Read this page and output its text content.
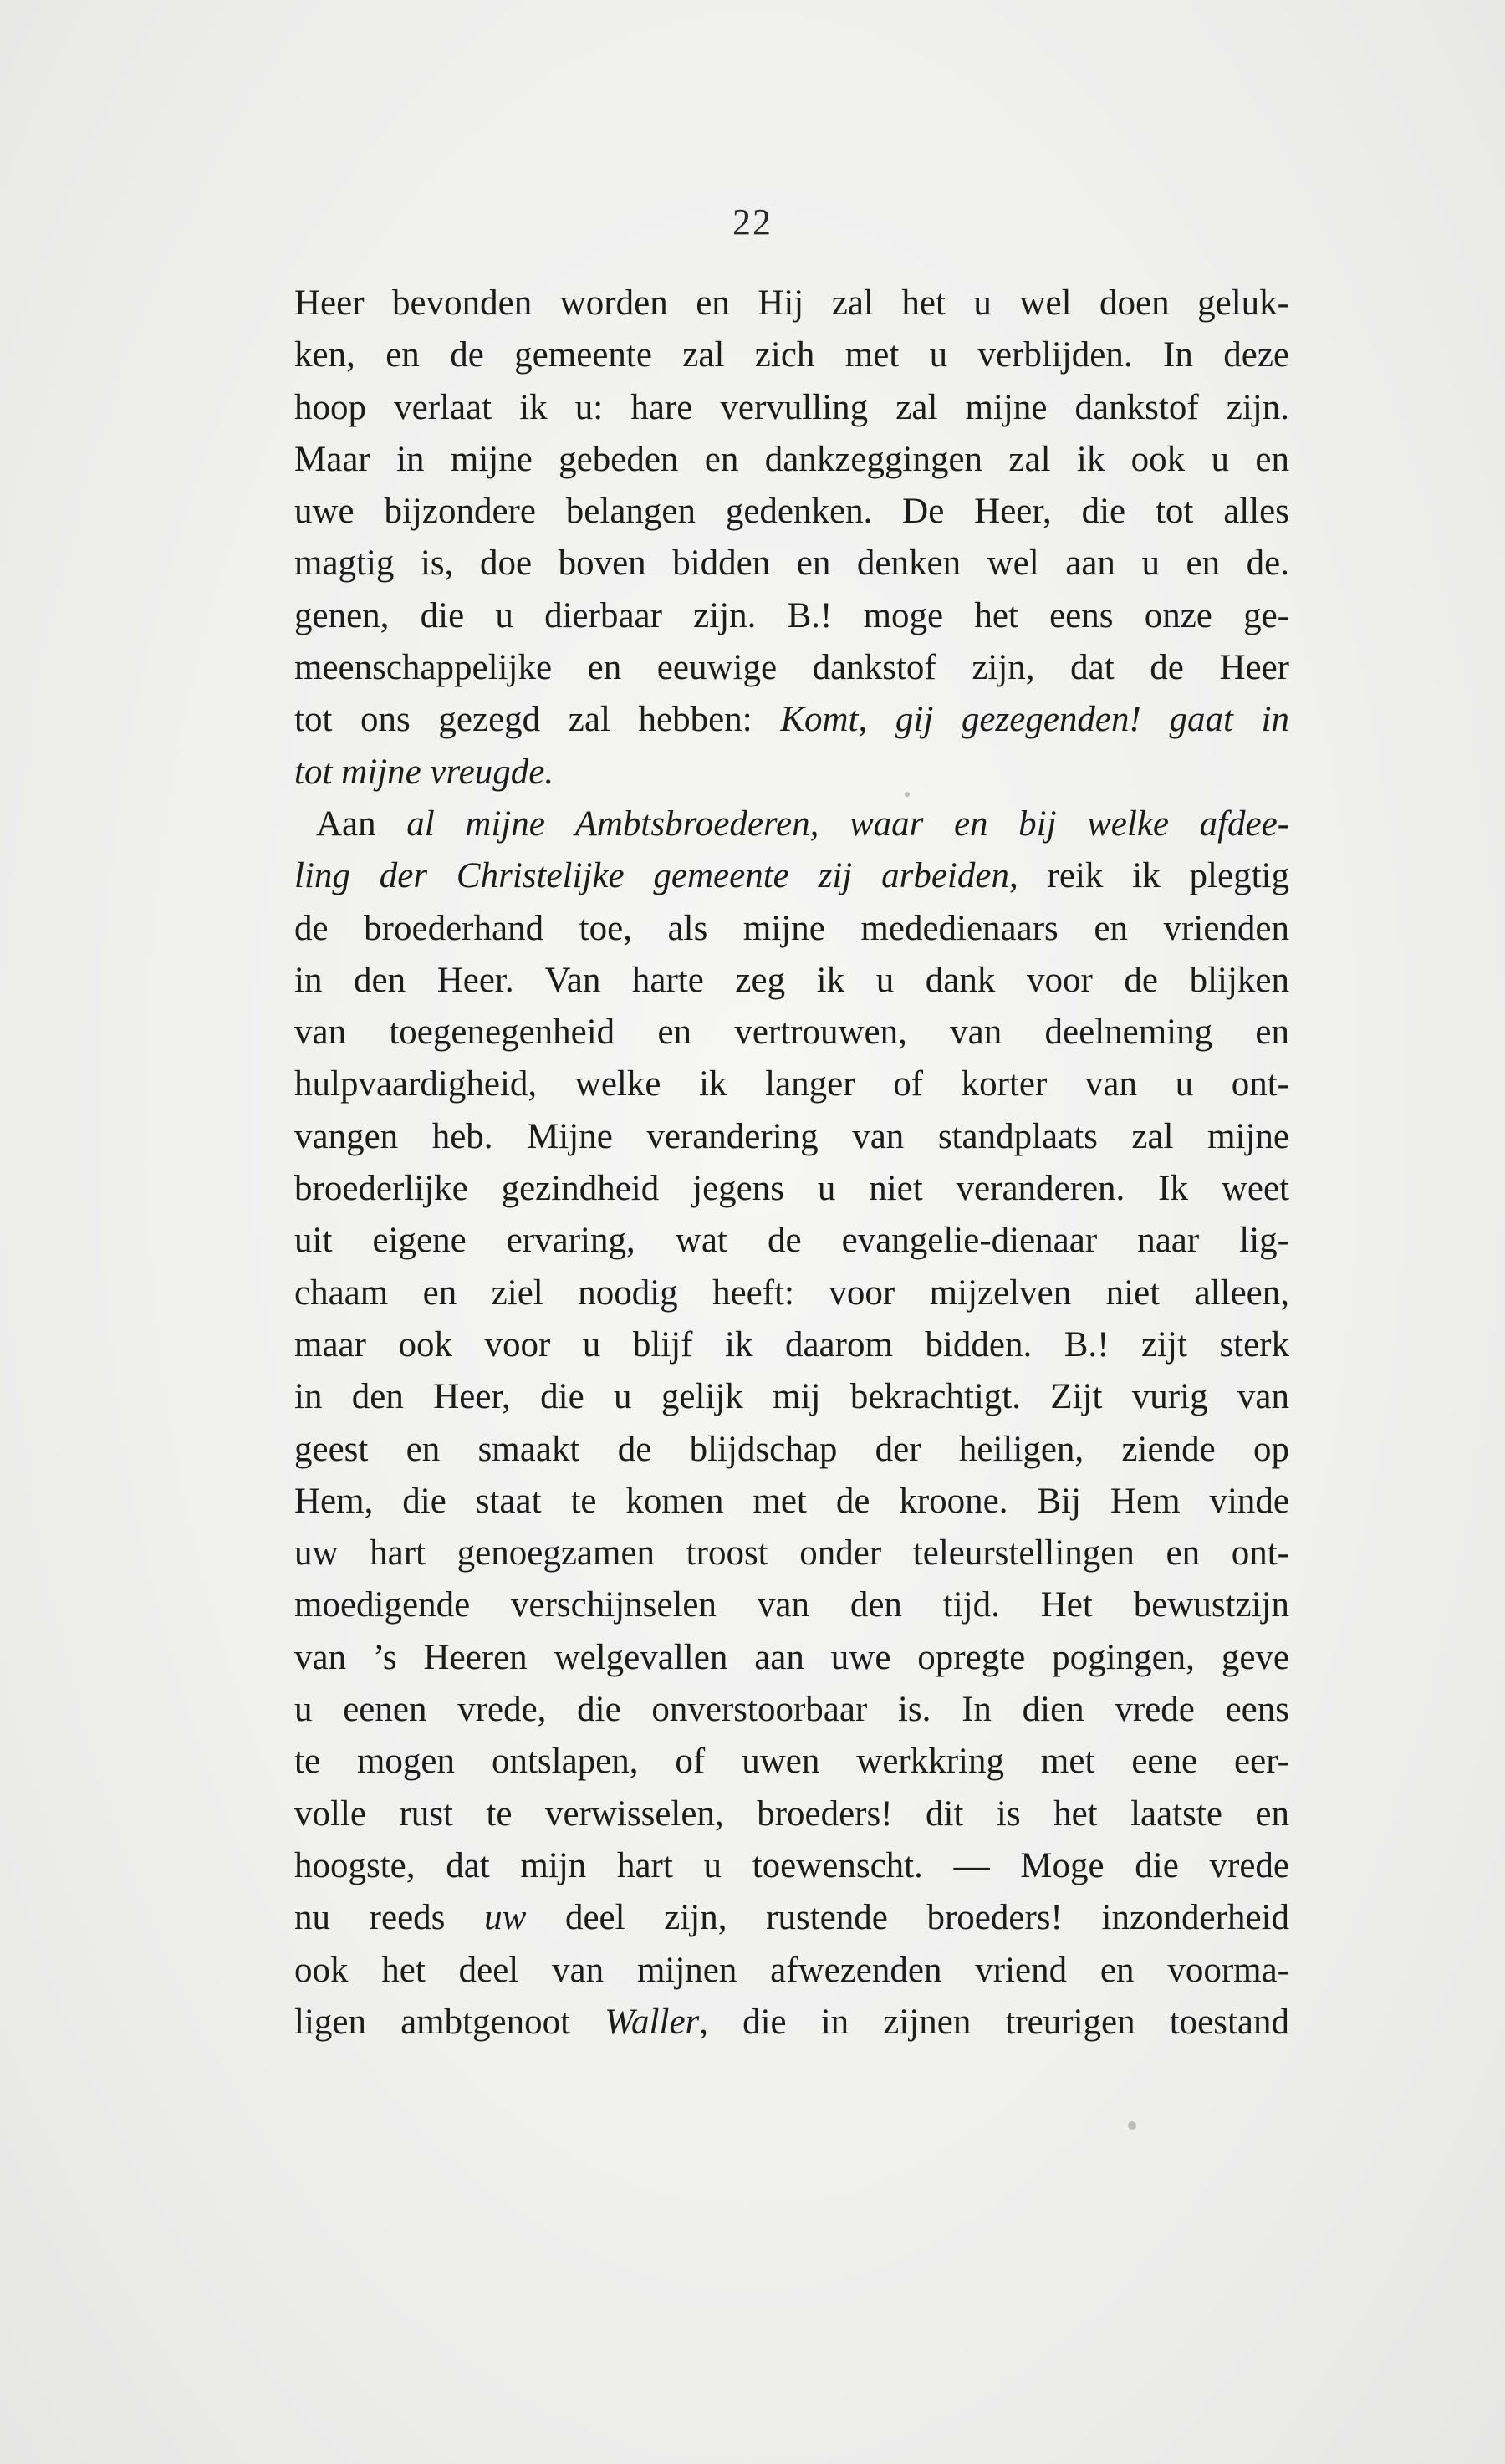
22
Heer bevonden worden en Hij zal het u wel doen geluk-
ken, en de gemeente zal zich met u verblijden. In deze
hoop verlaat ik u: hare vervulling zal mijne dankstof zijn.
Maar in mijne gebeden en dankzeggingen zal ik ook u en
uwe bijzondere belangen gedenken. De Heer, die tot alles
magtig is, doe boven bidden en denken wel aan u en de.
genen, die u dierbaar zijn. B.! moge het eens onze ge-
meenschappelijke en eeuwige dankstof zijn, dat de Heer
tot ons gezegd zal hebben: Komt, gij gezegenden! gaat in
tot mijne vreugde.
Aan al mijne Ambtsbroederen, waar en bij welke afdee-
ling der Christelijke gemeente zij arbeiden, reik ik plegtig
de broederhand toe, als mijne mededienaars en vrienden
in den Heer. Van harte zeg ik u dank voor de blijken
van toegenegenheid en vertrouwen, van deelneming en
hulpvaardigheid, welke ik langer of korter van u ont-
vangen heb. Mijne verandering van standplaats zal mijne
broederlijke gezindheid jegens u niet veranderen. Ik weet
uit eigene ervaring, wat de evangelie-dienaar naar lig-
chaam en ziel noodig heeft: voor mijzelven niet alleen,
maar ook voor u blijf ik daarom bidden. B.! zijt sterk
in den Heer, die u gelijk mij bekrachtigt. Zijt vurig van
geest en smaakt de blijdschap der heiligen, ziende op
Hem, die staat te komen met de kroone. Bij Hem vinde
uw hart genoegzamen troost onder teleurstellingen en ont-
moedigende verschijnselen van den tijd. Het bewustzijn
van ’s Heeren welgevallen aan uwe opregte pogingen, geve
u eenen vrede, die onverstoorbaar is. In dien vrede eens
te mogen ontslapen, of uwen werkkring met eene eer-
volle rust te verwisselen, broeders! dit is het laatste en
hoogste, dat mijn hart u toewenscht. — Moge die vrede
nu reeds uw deel zijn, rustende broeders! inzonderheid
ook het deel van mijnen afwezenden vriend en voorma-
ligen ambtgenoot Waller, die in zijnen treurigen toestand
